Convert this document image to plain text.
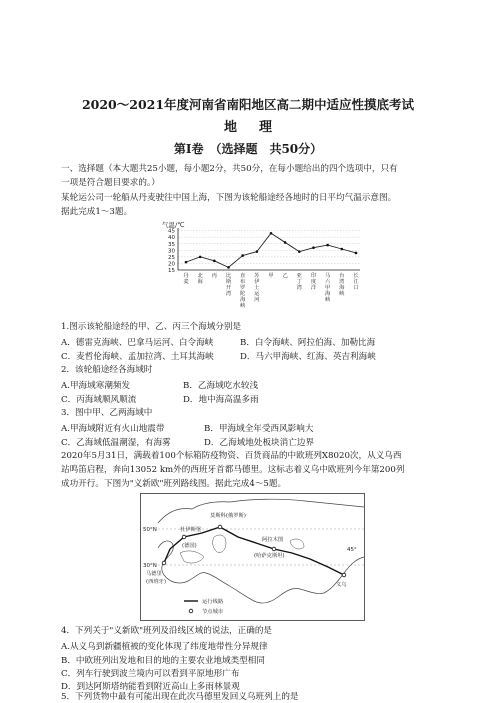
2020～2021年度河南省南阳地区高二期中适应性摸底考试
地理
第Ⅰ卷　（选择题　共50分）
一、选择题（本大题共25小题，每小题2分，共50分，在每小题给出的四个选项中，只有
一项是符合题目要求的。）
某轮运公司一轮船从丹麦驶往中国上海，下图为该轮船途经各地时的日平均气温示意图。
据此完成1～3题。
气温/℃
15
20
25
30
35
40
45
丹麦
北海
丙 比斯开湾
直布罗陀海峡
苏伊士运河
甲 乙 亚丁湾
印度洋
马六甲海峡
台湾海峡
长江口
1.图示该轮船途经的甲、乙、丙三个海域分别是
A．德雷克海峡、巴拿马运河、白令海峡	B．白令海峡、阿拉伯海、加勒比海
C．麦哲伦海峡、孟加拉湾、土耳其海峡	D．马六甲海峡、红海、英吉利海峡
2．该轮船途经各海域时
A.甲海域寒潮频发	B．乙海域吃水较浅
C．丙海域顺风顺流	D．地中海高温多雨
3．图中甲、乙两海域中
A.甲海域附近有火山地震带	B．甲海域全年受西风影响大
C．乙海域低温潮湿，有海雾	D．乙海域地处板块消亡边界
2020年5月31日，满载着100个标箱防疫物资、百货商品的中欧班列X8020次，从义乌西
站鸣笛启程，奔向13052 km外的西班牙首都马德里。这标志着义乌中欧班列今年第200列
成功开行。下图为"义新欧"班列路线图。据此完成4～5题。
50°N
30°N
45°
莫斯科(俄罗斯)
杜伊斯堡
(德国)
马德里
(西班牙)
阿拉木图
(哈萨克斯坦)
义乌
运行线路
节点城市
4．下列关于"义新欧"班列及沿线区域的说法，正确的是
A.从义乌到新疆植被的变化体现了纬度地带性分异规律
B．中欧班列出发地和目的地的主要农业地域类型相同
C．列车行驶到波兰境内可以看到平原地形广布
D．到达阿斯塔纳能看到附近高山上多雨林景观
5．下列货物中最有可能出现在此次马德里发回义乌班列上的是
